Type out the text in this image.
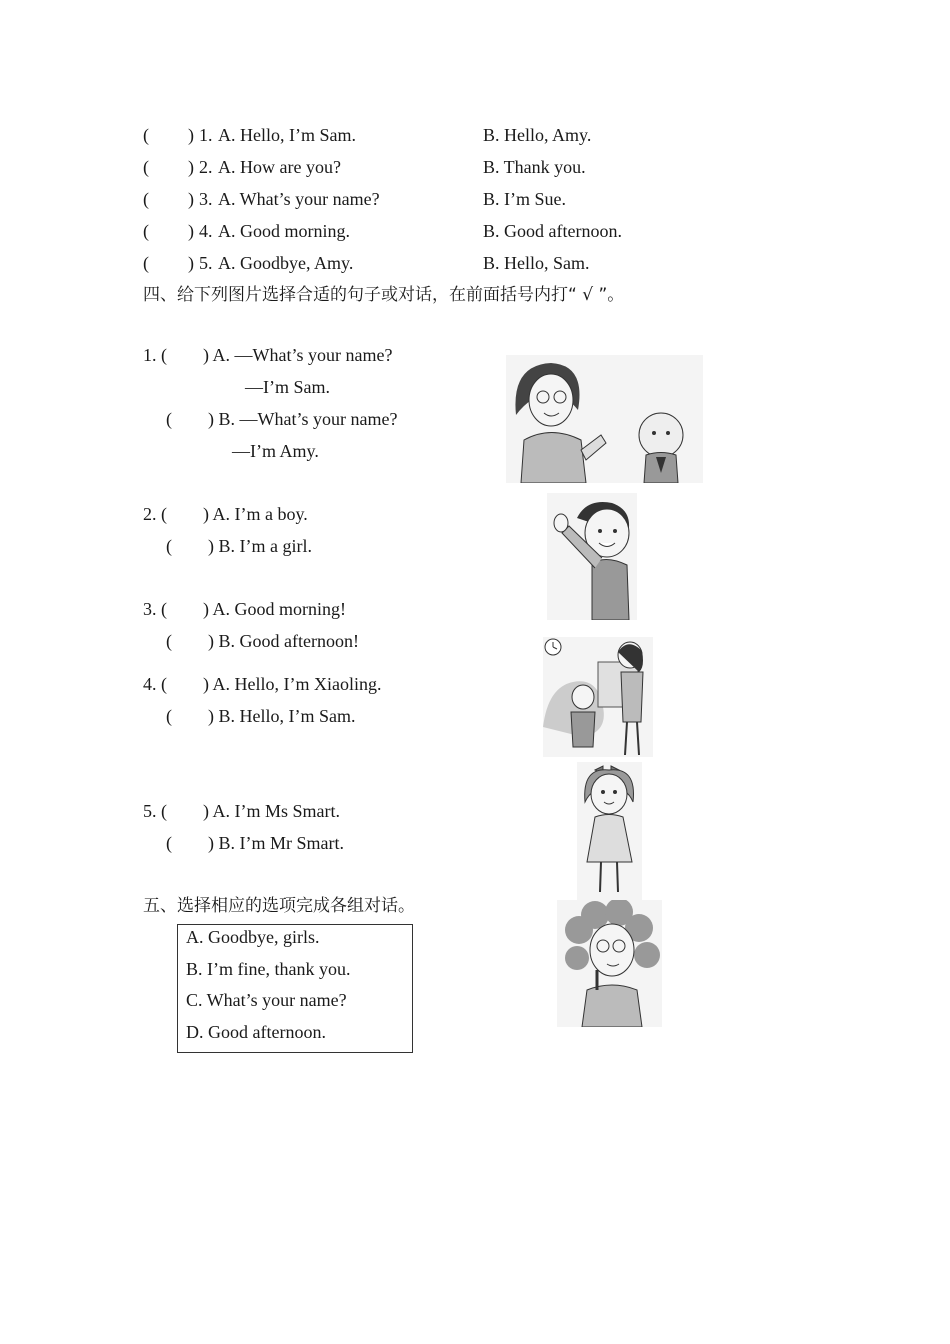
( ) 1. A. Hello, I’m Sam.	B. Hello, Amy.
( ) 2. A. How are you?	B. Thank you.
( ) 3. A. What’s your name?	B. I’m Sue.
( ) 4. A. Good morning.	B. Good afternoon.
( ) 5. A. Goodbye, Amy.	B. Hello, Sam.
四、给下列图片选择合适的句子或对话，在前面括号内打“ √ ”。
1. (        ) A. —What’s your name?
—I’m Sam.
(        ) B. —What’s your name?
—I’m Amy.
2. (        ) A. I’m a boy.
(        ) B. I’m a girl.
3. (        ) A. Good morning!
(        ) B. Good afternoon!
4. (        ) A. Hello, I’m Xiaoling.
(        ) B. Hello, I’m Sam.
5. (        ) A. I’m Ms Smart.
(        ) B. I’m Mr Smart.
五、选择相应的选项完成各组对话。
A. Goodbye, girls.
B. I’m fine, thank you.
C. What’s your name?
D. Good afternoon.
